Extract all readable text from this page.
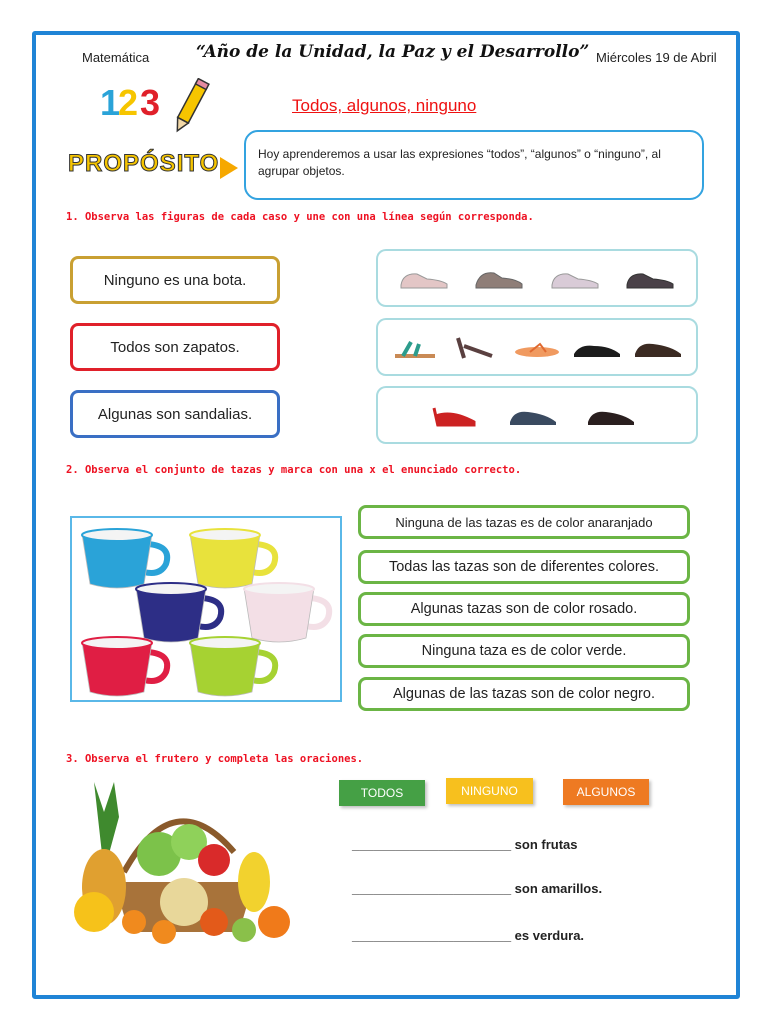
Matemática	“Año de la Unidad, la Paz y el Desarrollo” Miércoles 19 de Abril
1
2 3	Todos, algunos, ninguno
PROPÓSITO	Hoy aprenderemos a usar las expresiones “todos”, “algunos” o “ninguno”, al agrupar objetos.
1. Observa las figuras de cada caso y une con una línea según corresponda.
Ninguno es una bota.
Todos son zapatos.
Algunas son sandalias.
2. Observa el conjunto de tazas y marca con una x el enunciado correcto.
Ninguna de las tazas es de color anaranjado
Todas las tazas son de diferentes colores.
Algunas tazas son de color rosado.
Ninguna taza es de color verde.
Algunas de las tazas son de color negro.
3. Observa el frutero y completa las oraciones.
TODOS	NINGUNO	ALGUNOS
______________________ son frutas
______________________ son amarillos.
______________________ es verdura.
